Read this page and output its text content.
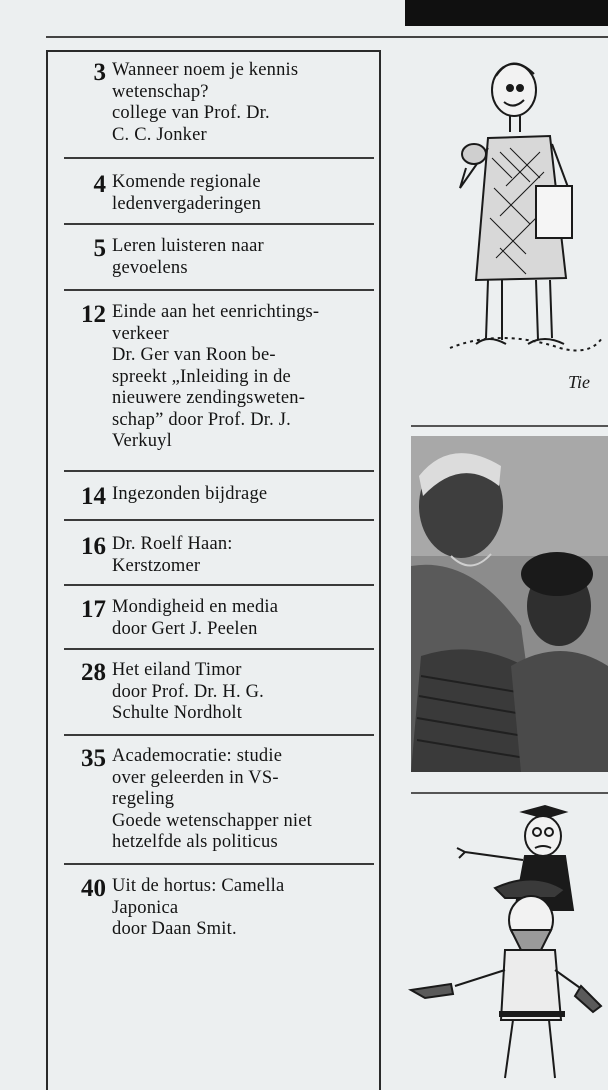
3 Wanneer noem je kennis
wetenschap?
college van Prof. Dr.
C. C. Jonker
4 Komende regionale
ledenvergaderingen
5 Leren luisteren naar
gevoelens
12 Einde aan het eenrichtings-
verkeer
Dr. Ger van Roon be-
spreekt „Inleiding in de
nieuwere zendingsweten-
schap” door Prof. Dr. J.
Verkuyl
14 Ingezonden bijdrage
16 Dr. Roelf Haan:
Kerstzomer
17 Mondigheid en media
door Gert J. Peelen
28 Het eiland Timor
door Prof. Dr. H. G.
Schulte Nordholt
35 Academocratie: studie
over geleerden in VS-
regeling
Goede wetenschapper niet
hetzelfde als politicus
40 Uit de hortus: Camella
Japonica
door Daan Smit.
Tie
